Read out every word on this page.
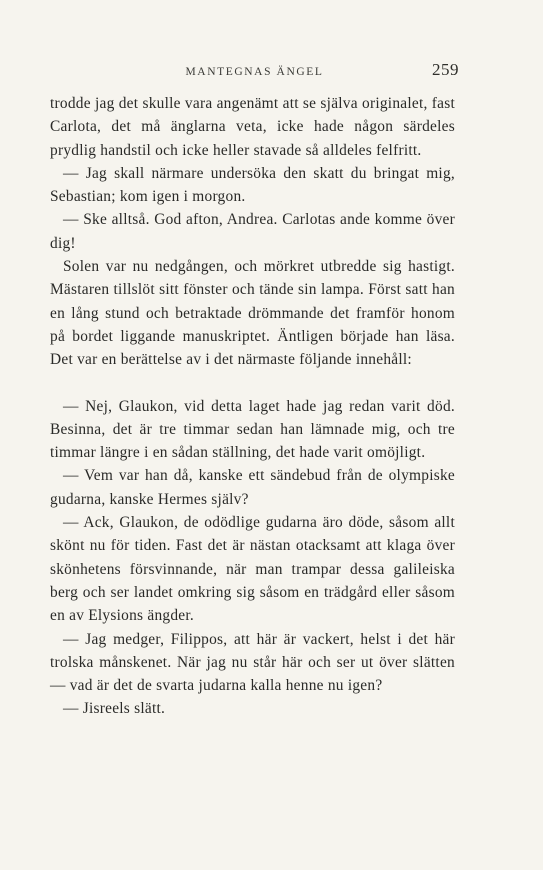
MANTEGNAS ÄNGEL	259

trodde jag det skulle vara angenämt att se själva originalet, fast Carlota, det må änglarna veta, icke hade någon särdeles prydlig handstil och icke heller stavade så alldeles felfritt.

— Jag skall närmare undersöka den skatt du bringat mig, Sebastian; kom igen i morgon.

— Ske alltså. God afton, Andrea. Carlotas ande komme över dig!

Solen var nu nedgången, och mörkret utbredde sig hastigt. Mästaren tillslöt sitt fönster och tände sin lampa. Först satt han en lång stund och betraktade drömmande det framför honom på bordet liggande manuskriptet. Äntligen började han läsa. Det var en berättelse av i det närmaste följande innehåll:

— Nej, Glaukon, vid detta laget hade jag redan varit död. Besinna, det är tre timmar sedan han lämnade mig, och tre timmar längre i en sådan ställning, det hade varit omöjligt.

— Vem var han då, kanske ett sändebud från de olympiske gudarna, kanske Hermes själv?

— Ack, Glaukon, de odödlige gudarna äro döde, såsom allt skönt nu för tiden. Fast det är nästan otacksamt att klaga över skönhetens försvinnande, när man trampar dessa galileiska berg och ser landet omkring sig såsom en trädgård eller såsom en av Elysions ängder.

— Jag medger, Filippos, att här är vackert, helst i det här trolska månskenet. När jag nu står här och ser ut över slätten — vad är det de svarta judarna kalla henne nu igen?

— Jisreels slätt.
